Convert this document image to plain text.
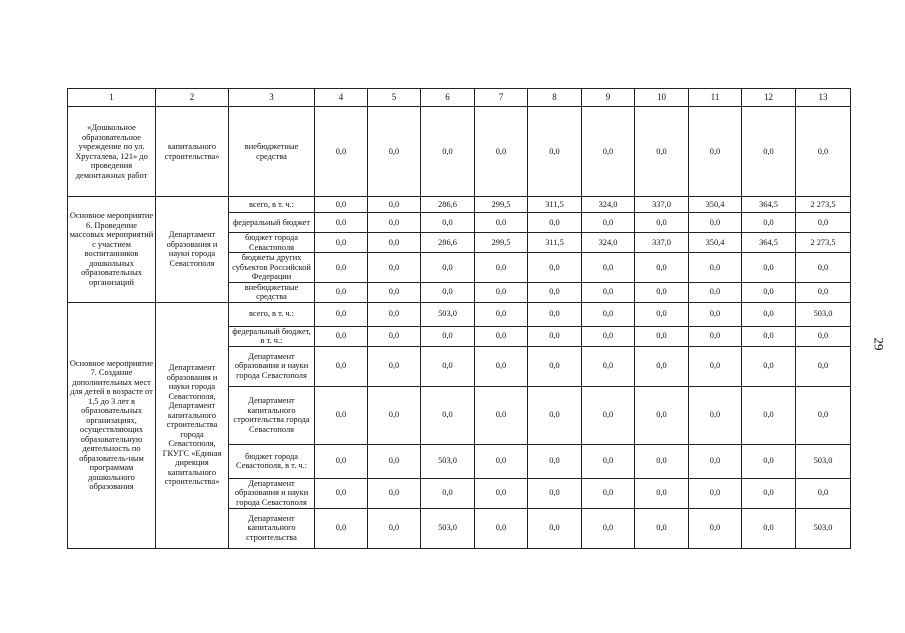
1	2	3	4	5	6	7	8	9	10	11	12	13
«Дошкольное образовательное учреждение по ул. Хрусталева, 121» до проведения демонтажных работ	капитального строительства»	внебюджетные средства	0,0	0,0	0,0	0,0	0,0	0,0	0,0	0,0	0,0	0,0
Основное мероприятие 6. Проведение массовых мероприятий с участием воспитанников дошкольных образовательных организаций	Департамент образования и науки города Севастополя	всего, в т. ч.:	0,0	0,0	286,6	299,5	311,5	324,0	337,0	350,4	364,5	2 273,5
		федеральный бюджет	0,0	0,0	0,0	0,0	0,0	0,0	0,0	0,0	0,0	0,0
		бюджет города Севастополя	0,0	0,0	286,6	299,5	311,5	324,0	337,0	350,4	364,5	2 273,5
		бюджеты других субъектов Российской Федерации	0,0	0,0	0,0	0,0	0,0	0,0	0,0	0,0	0,0	0,0
		внебюджетные средства	0,0	0,0	0,0	0,0	0,0	0,0	0,0	0,0	0,0	0,0
Основное мероприятие 7. Создание дополнительных мест для детей в возрасте от 1,5 до 3 лет в образовательных организациях, осуществляющих образовательную деятельность по образователь-ным программам дошкольного образования	Департамент образования и науки города Севастополя, Департамент капитального строительства города Севастополя, ГКУГС «Единая дирекция капитального строительства»	всего, в т. ч.:	0,0	0,0	503,0	0,0	0,0	0,0	0,0	0,0	0,0	503,0
		федеральный бюджет, в т. ч.:	0,0	0,0	0,0	0,0	0,0	0,0	0,0	0,0	0,0	0,0
		Департамент образования и науки города Севастополя	0,0	0,0	0,0	0,0	0,0	0,0	0,0	0,0	0,0	0,0
		Департамент капитального строительства города Севастополя	0,0	0,0	0,0	0,0	0,0	0,0	0,0	0,0	0,0	0,0
		бюджет города Севастополя, в т. ч.:	0,0	0,0	503,0	0,0	0,0	0,0	0,0	0,0	0,0	503,0
		Департамент образования и науки города Севастополя	0,0	0,0	0,0	0,0	0,0	0,0	0,0	0,0	0,0	0,0
		Департамент капитального строительства	0,0	0,0	503,0	0,0	0,0	0,0	0,0	0,0	0,0	503,0
29
